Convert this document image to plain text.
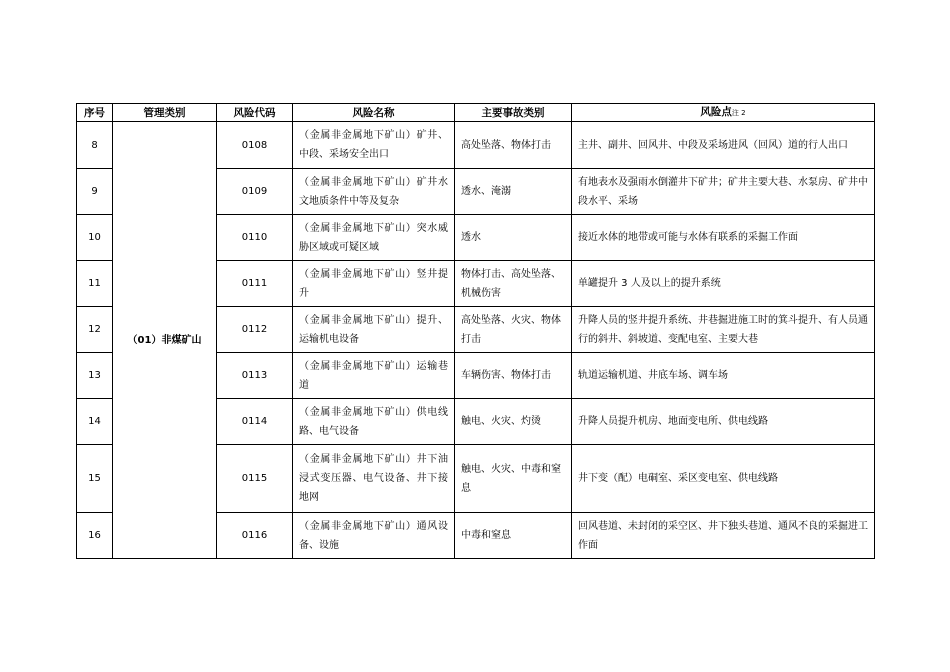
序号	管理类别	风险代码	风险名称	主要事故类别	风险点注 2
8	（01）非煤矿山	0108	（金属非金属地下矿山）矿井、中段、采场安全出口	高处坠落、物体打击	主井、副井、回风井、中段及采场进风（回风）道的行人出口
9		0109	（金属非金属地下矿山）矿井水文地质条件中等及复杂	透水、淹溺	有地表水及强雨水倒灌井下矿井；矿井主要大巷、水泵房、矿井中段水平、采场
10		0110	（金属非金属地下矿山）突水威胁区域或可疑区域	透水	接近水体的地带或可能与水体有联系的采掘工作面
11		0111	（金属非金属地下矿山）竖井提升	物体打击、高处坠落、机械伤害	单罐提升 3 人及以上的提升系统
12		0112	（金属非金属地下矿山）提升、运输机电设备	高处坠落、火灾、物体打击	升降人员的竖井提升系统、井巷掘进施工时的箕斗提升、有人员通行的斜井、斜坡道、变配电室、主要大巷
13		0113	（金属非金属地下矿山）运输巷道	车辆伤害、物体打击	轨道运输机道、井底车场、调车场
14		0114	（金属非金属地下矿山）供电线路、电气设备	触电、火灾、灼烫	升降人员提升机房、地面变电所、供电线路
15		0115	（金属非金属地下矿山）井下油浸式变压器、电气设备、井下接地网	触电、火灾、中毒和窒息	井下变（配）电硐室、采区变电室、供电线路
16		0116	（金属非金属地下矿山）通风设备、设施	中毒和窒息	回风巷道、未封闭的采空区、井下独头巷道、通风不良的采掘进工作面
